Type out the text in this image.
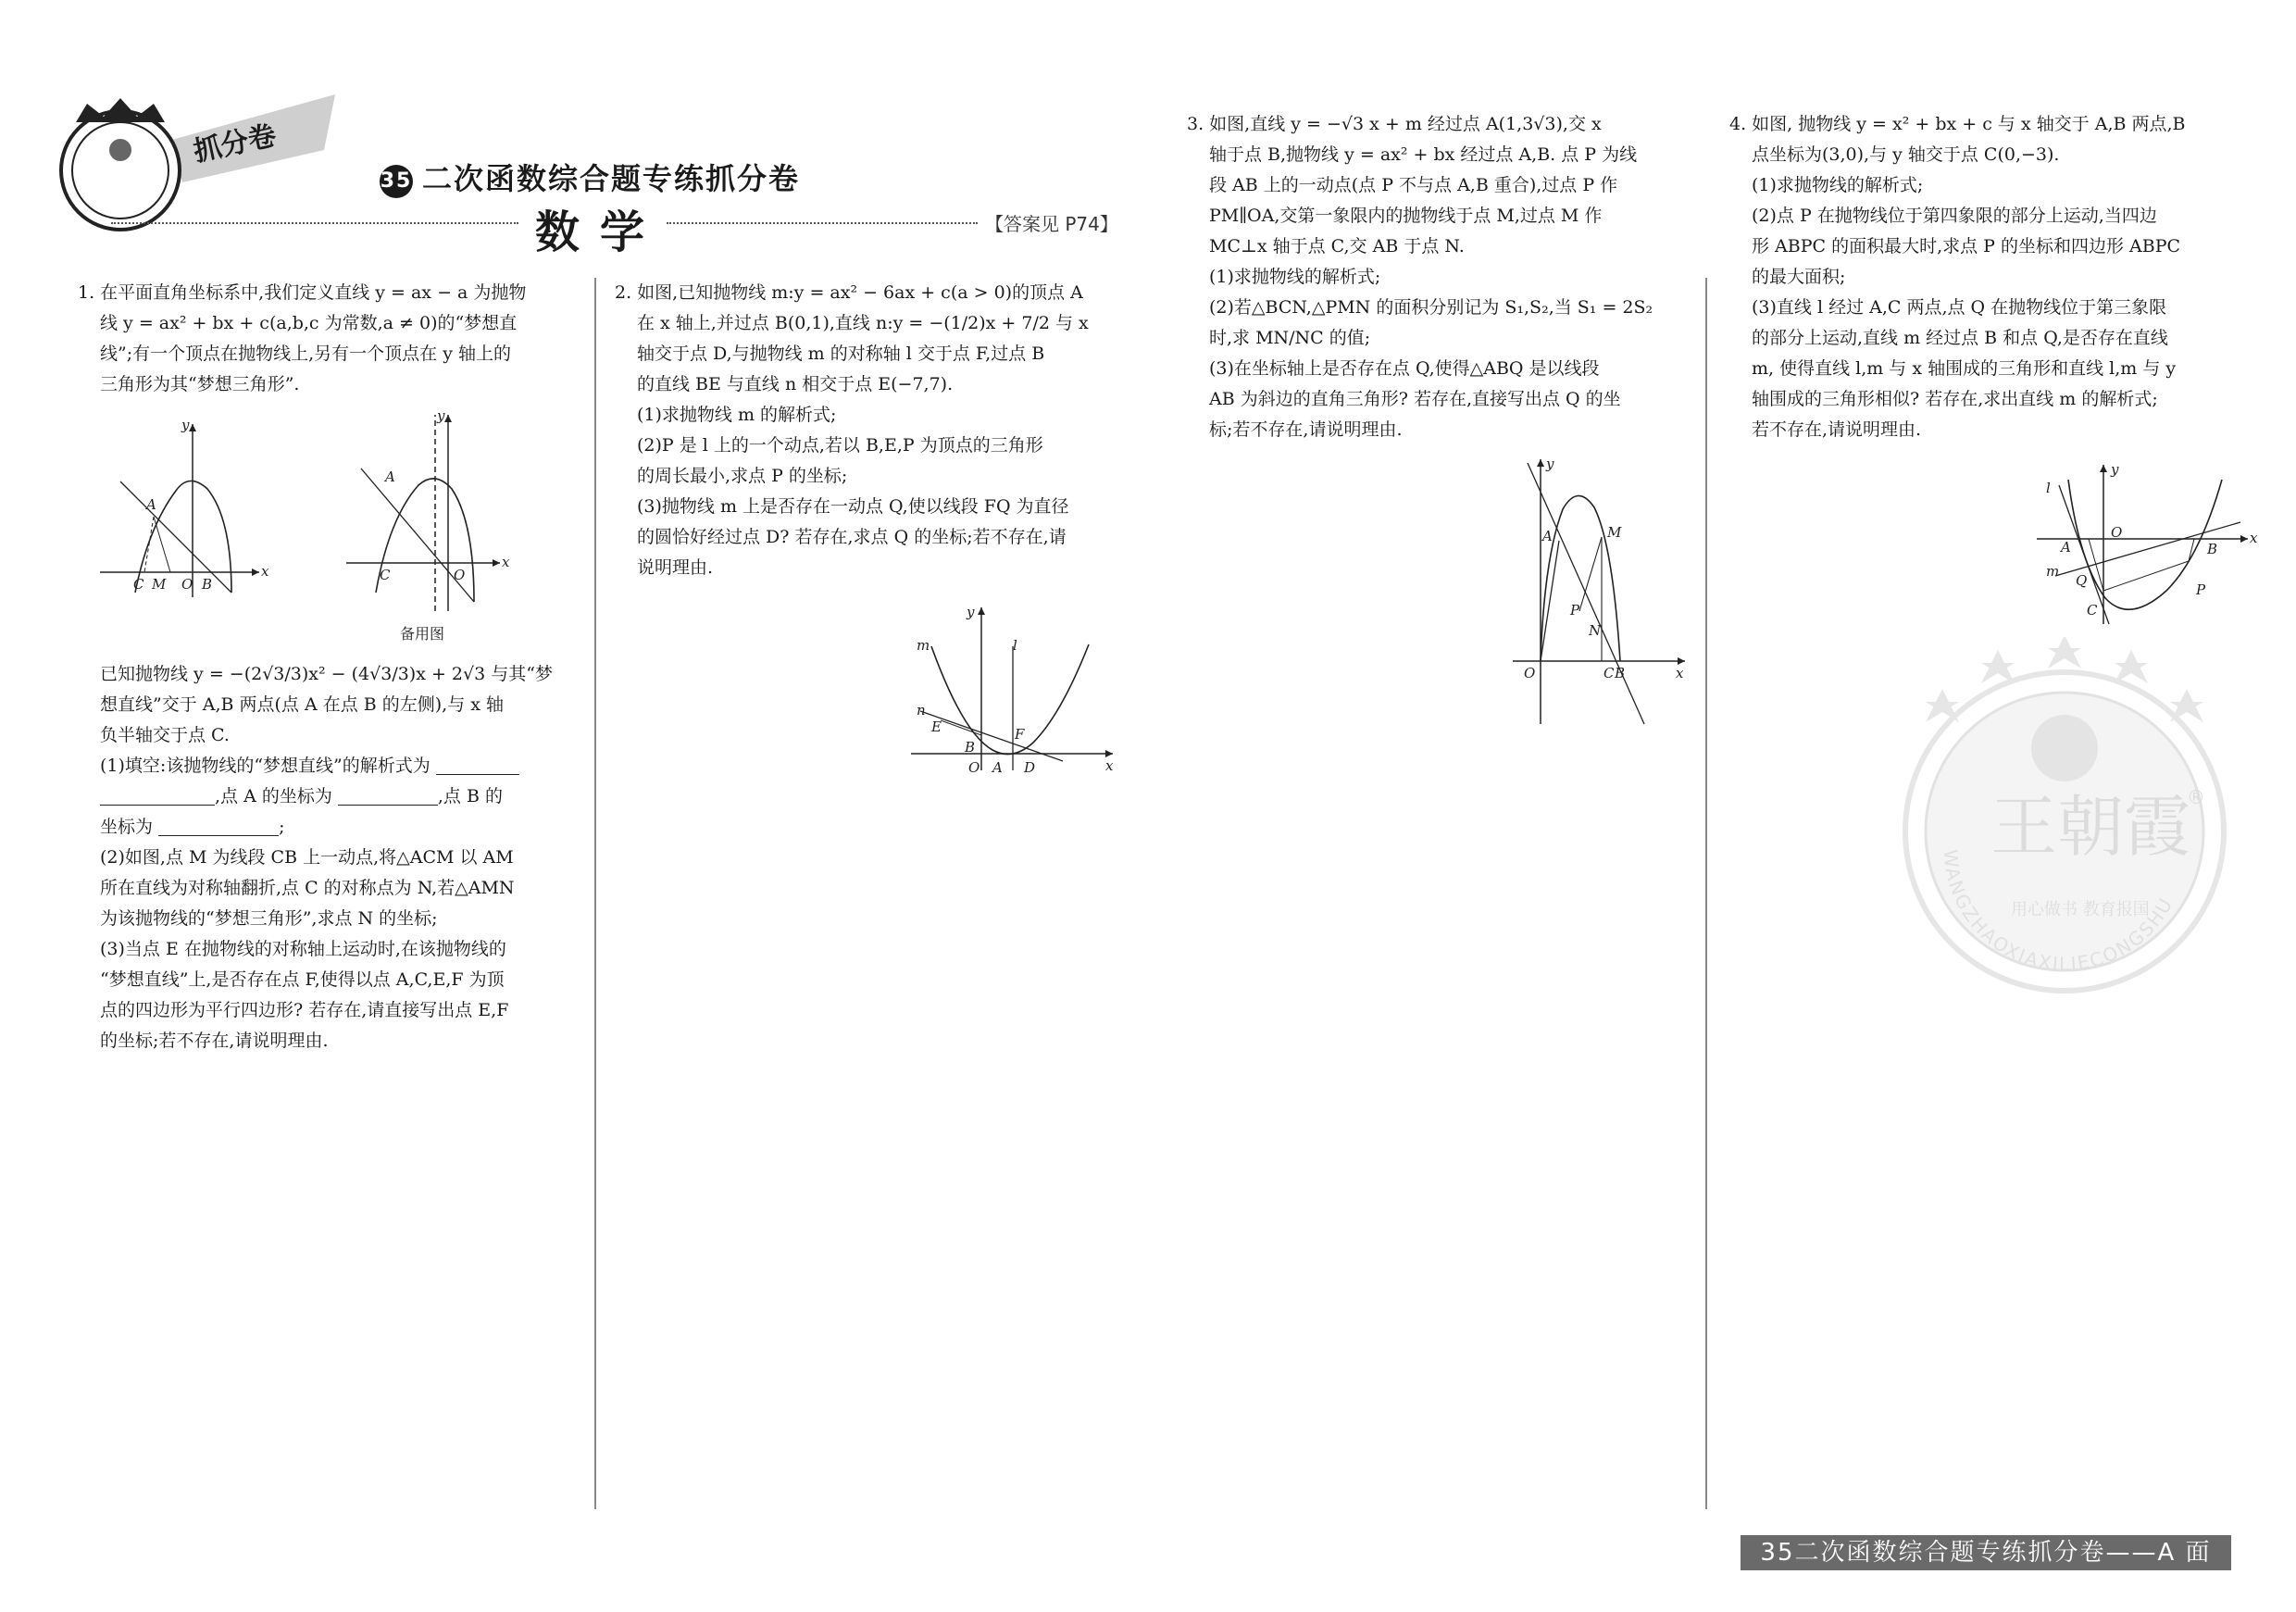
抓分卷
35 二次函数综合题专练抓分卷
数学	【答案见 P74】

1. 在平面直角坐标系中,我们定义直线 y = ax − a 为抛物

线 y = ax² + bx + c(a,b,c 为常数,a ≠ 0)的“梦想直

线”;有一个顶点在抛物线上,另有一个顶点在 y 轴上的

三角形为其“梦想三角形”.

A
C M O B
x
y
A
C	O
x
y
备用图

已知抛物线 y = −(2√3/3)x² − (4√3/3)x + 2√3 与其“梦

想直线”交于 A,B 两点(点 A 在点 B 的左侧),与 x 轴

负半轴交于点 C.

(1)填空:该抛物线的“梦想直线”的解析式为

,点 A 的坐标为	,点 B 的

坐标为	;

(2)如图,点 M 为线段 CB 上一动点,将△ACM 以 AM

所在直线为对称轴翻折,点 C 的对称点为 N,若△AMN

为该抛物线的“梦想三角形”,求点 N 的坐标;

(3)当点 E 在抛物线的对称轴上运动时,在该抛物线的

“梦想直线”上,是否存在点 F,使得以点 A,C,E,F 为顶

点的四边形为平行四边形? 若存在,请直接写出点 E,F

的坐标;若不存在,请说明理由.

2. 如图,已知抛物线 m:y = ax² − 6ax + c(a > 0)的顶点 A

在 x 轴上,并过点 B(0,1),直线 n:y = −(1/2)x + 7/2 与 x

轴交于点 D,与抛物线 m 的对称轴 l 交于点 F,过点 B

的直线 BE 与直线 n 相交于点 E(−7,7).

(1)求抛物线 m 的解析式;

(2)P 是 l 上的一个动点,若以 B,E,P 为顶点的三角形

的周长最小,求点 P 的坐标;

(3)抛物线 m 上是否存在一动点 Q,使以线段 FQ 为直径

的圆恰好经过点 D? 若存在,求点 Q 的坐标;若不存在,请

说明理由.

m	l
n
E	F
B
O A D	x
y

3. 如图,直线 y = −√3 x + m 经过点 A(1,3√3),交 x

轴于点 B,抛物线 y = ax² + bx 经过点 A,B. 点 P 为线

段 AB 上的一动点(点 P 不与点 A,B 重合),过点 P 作

PM∥OA,交第一象限内的抛物线于点 M,过点 M 作

MC⊥x 轴于点 C,交 AB 于点 N.

(1)求抛物线的解析式;

(2)若△BCN,△PMN 的面积分别记为 S₁,S₂,当 S₁ = 2S₂

时,求 MN/NC 的值;

(3)在坐标轴上是否存在点 Q,使得△ABQ 是以线段

AB 为斜边的直角三角形? 若存在,直接写出点 Q 的坐

标;若不存在,请说明理由.

A	M
P
N
O	C B	x
y

4. 如图, 抛物线 y = x² + bx + c 与 x 轴交于 A,B 两点,B

点坐标为(3,0),与 y 轴交于点 C(0,−3).

(1)求抛物线的解析式;

(2)点 P 在抛物线位于第四象限的部分上运动,当四边

形 ABPC 的面积最大时,求点 P 的坐标和四边形 ABPC

的最大面积;

(3)直线 l 经过 A,C 两点,点 Q 在抛物线位于第三象限

的部分上运动,直线 m 经过点 B 和点 Q,是否存在直线

m, 使得直线 l,m 与 x 轴围成的三角形和直线 l,m 与 y

轴围成的三角形相似? 若存在,求出直线 m 的解析式;

若不存在,请说明理由.

l
m
A
O
B
Q
C
P
x
y
王朝霞
®
WANGZHAOXIAXILIECONGSHU
用心做书 教育报国
35二次函数综合题专练抓分卷——A 面
